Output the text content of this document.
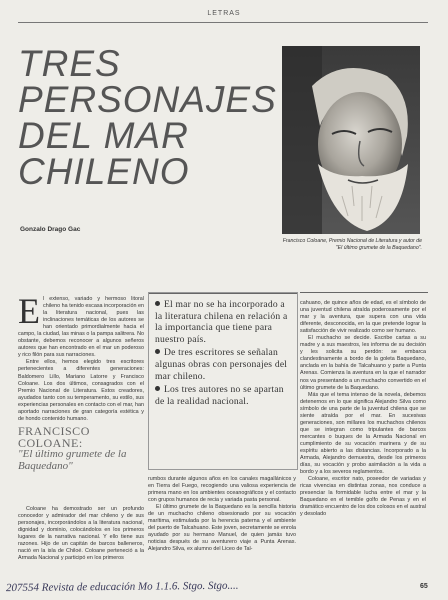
LETRAS
TRES
PERSONAJES
DEL MAR
CHILENO
Gonzalo Drago Gac
Francisco Coloane, Premio Nacional de Literatura y autor de "El último grumete de la Baquedano".
E l extenso, variado y hermoso litoral chileno ha tenido escasa incorporación en la literatura nacional, pues las inclinaciones temáticas de los autores se han orientado primordialmente hacia el campo, la ciudad, las minas o la pampa salitrera. No obstante, debemos reconocer a algunos señeros autores que han encontrado en el mar un poderoso y rico filón para sus narraciones.

Entre ellos, hemos elegido tres escritores pertenecientes a diferentes generaciones: Baldomero Lillo, Mariano Latorre y Francisco Coloane. Los dos últimos, consagrados con el Premio Nacional de Literatura. Estos creadores, ayudados tanto con su temperamento, su estilo, sus experiencias personales en contacto con el mar, han aportado narraciones de gran categoría estética y de hondo contenido humano.

El mar no se ha incorporado a la literatura chilena en relación a la importancia que tiene para nuestro país.
De tres escritores se señalan algunas obras con personajes del mar chileno.
Los tres autores no se apartan de la realidad nacional.
FRANCISCO COLOANE:
"El último grumete de la Baquedano"

Coloane ha demostrado ser un profundo conocedor y admirador del mar chileno y de sus personajes, incorporándolos a la literatura nacional, dignidad y dominio, colocándolos en los primeros lugares de la narrativa nacional. Y ello tiene sus razones. Hijo de un capitán de barcos balleneros, nació en la isla de Chiloé. Coloane perteneció a la Armada Nacional y participó en los primeros

rumbos durante algunos años en los canales magallánicos y en Tierra del Fuego, recogiendo una valiosa experiencia de primera mano en los ambientes oceanográficos y el contacto con grupos humanos de recia y variada pasta personal.

El último grumete de la Baquedano es la sencilla historia de un muchacho chileno obsesionado por su vocación marítima, estimulada por la herencia paterna y el ambiente del puerto de Talcahuano. Este joven, secretamente se enrola ayudado por su hermano Manuel, de quien jamás tuvo noticias después de su aventurero viaje a Punta Arenas. Alejandro Silva, ex alumno del Liceo de Tal-

cahuano, de quince años de edad, es el símbolo de una juventud chilena atraída poderosamente por el mar y la aventura, que supera con una vida diferente, desconocida, en la que pretende lograr la satisfacción de vivir realizado como ser humano.

El muchacho se decide. Escribe cartas a su madre y a sus maestros, les informa de su decisión y les solicita su perdón: se embarca clandestinamente a bordo de la goleta Baquedano, anclada en la bahía de Talcahuano y parte a Punta Arenas. Comienza la aventura en la que el narrador nos va presentando a un muchacho convertido en el último grumete de la Baquedano.

Más que el tema intenso de la novela, debemos detenernos en lo que significa Alejandro Silva como símbolo de una parte de la juventud chilena que se siente atraída por el mar. En sucesivas generaciones, son millares los muchachos chilenos que se integran como tripulantes de barcos mercantes o buques de la Armada Nacional en cumplimiento de su vocación marinera y de su espíritu abierto a las distancias. Incorporado a la Armada, Alejandro demuestra, desde los primeros días, su vocación y probo asimilación a la vida a bordo y a los severos reglamentos.

Coloane, escritor nato, poseedor de variadas y ricas vivencias en distintas zonas, nos conduce a presenciar la formidable lucha entre el mar y la Baquedano en el temible golfo de Penas y en el dramático encuentro de los dos colosos en el austral y desolado

65
207554 Revista de educación Mo 1.1.6. Stgo. Stgo....
